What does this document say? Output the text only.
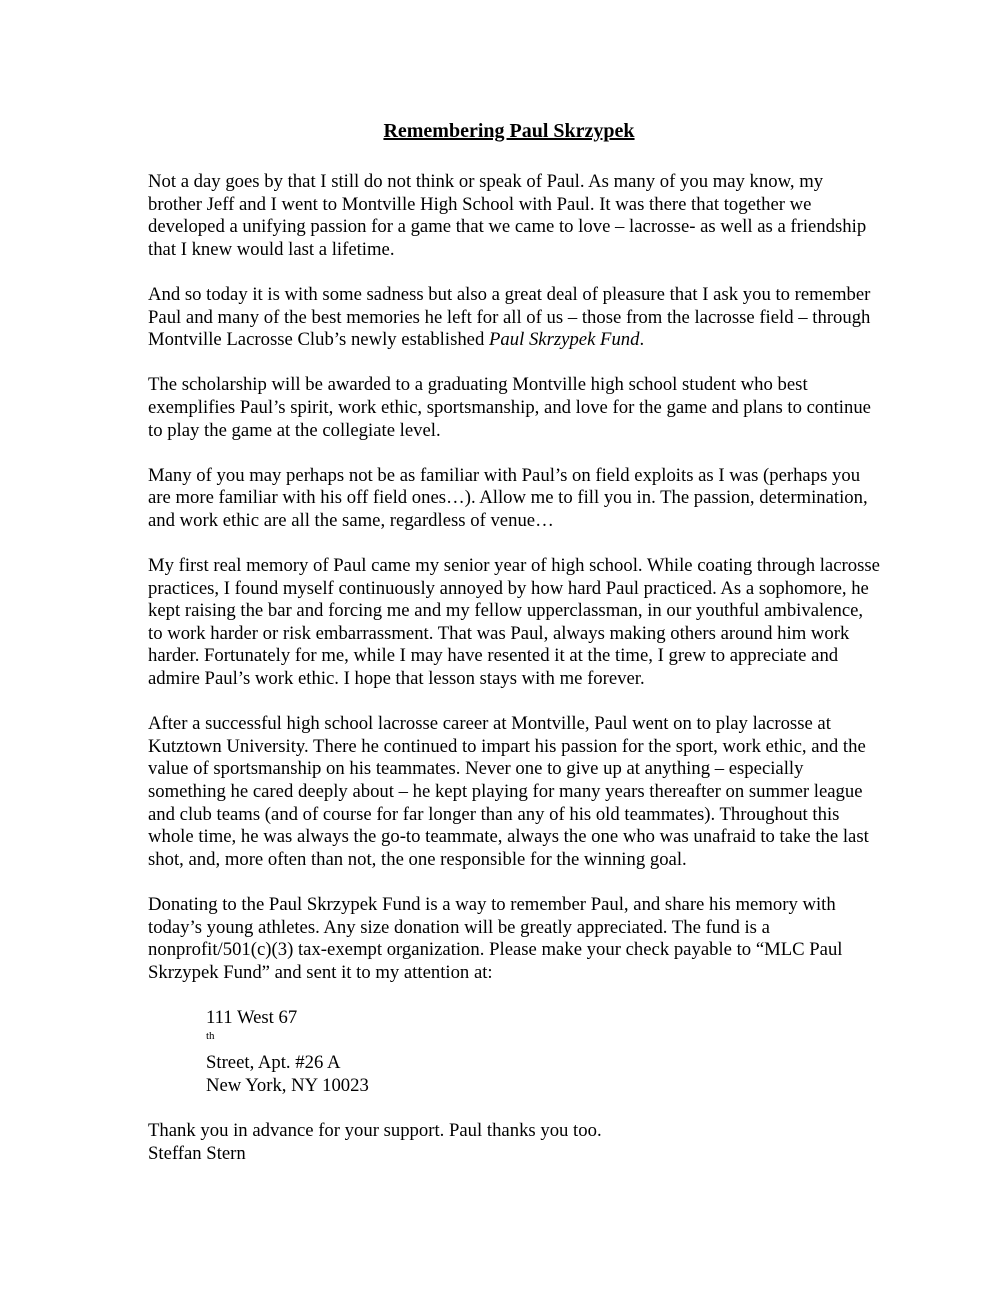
Remembering Paul Skrzypek

Not a day goes by that I still do not think or speak of Paul. As many of you may know, my brother Jeff and I went to Montville High School with Paul. It was there that together we developed a unifying passion for a game that we came to love – lacrosse- as well as a friendship that I knew would last a lifetime.

And so today it is with some sadness but also a great deal of pleasure that I ask you to remember Paul and many of the best memories he left for all of us – those from the lacrosse field – through Montville Lacrosse Club’s newly established Paul Skrzypek Fund.

The scholarship will be awarded to a graduating Montville high school student who best exemplifies Paul’s spirit, work ethic, sportsmanship, and love for the game and plans to continue to play the game at the collegiate level.

Many of you may perhaps not be as familiar with Paul’s on field exploits as I was (perhaps you are more familiar with his off field ones…). Allow me to fill you in. The passion, determination, and work ethic are all the same, regardless of venue…

My first real memory of Paul came my senior year of high school. While coating through lacrosse practices, I found myself continuously annoyed by how hard Paul practiced. As a sophomore, he kept raising the bar and forcing me and my fellow upperclassman, in our youthful ambivalence, to work harder or risk embarrassment. That was Paul, always making others around him work harder. Fortunately for me, while I may have resented it at the time, I grew to appreciate and admire Paul’s work ethic. I hope that lesson stays with me forever.

After a successful high school lacrosse career at Montville, Paul went on to play lacrosse at Kutztown University. There he continued to impart his passion for the sport, work ethic, and the value of sportsmanship on his teammates. Never one to give up at anything – especially something he cared deeply about – he kept playing for many years thereafter on summer league and club teams (and of course for far longer than any of his old teammates). Throughout this whole time, he was always the go-to teammate, always the one who was unafraid to take the last shot, and, more often than not, the one responsible for the winning goal.

Donating to the Paul Skrzypek Fund is a way to remember Paul, and share his memory with today’s young athletes. Any size donation will be greatly appreciated. The fund is a nonprofit/501(c)(3) tax-exempt organization. Please make your check payable to “MLC Paul Skrzypek Fund” and sent it to my attention at:

111 West 67
$^{th}$
Street, Apt. #26 A
New York, NY 10023
Thank you in advance for your support. Paul thanks you too.
Steffan Stern
